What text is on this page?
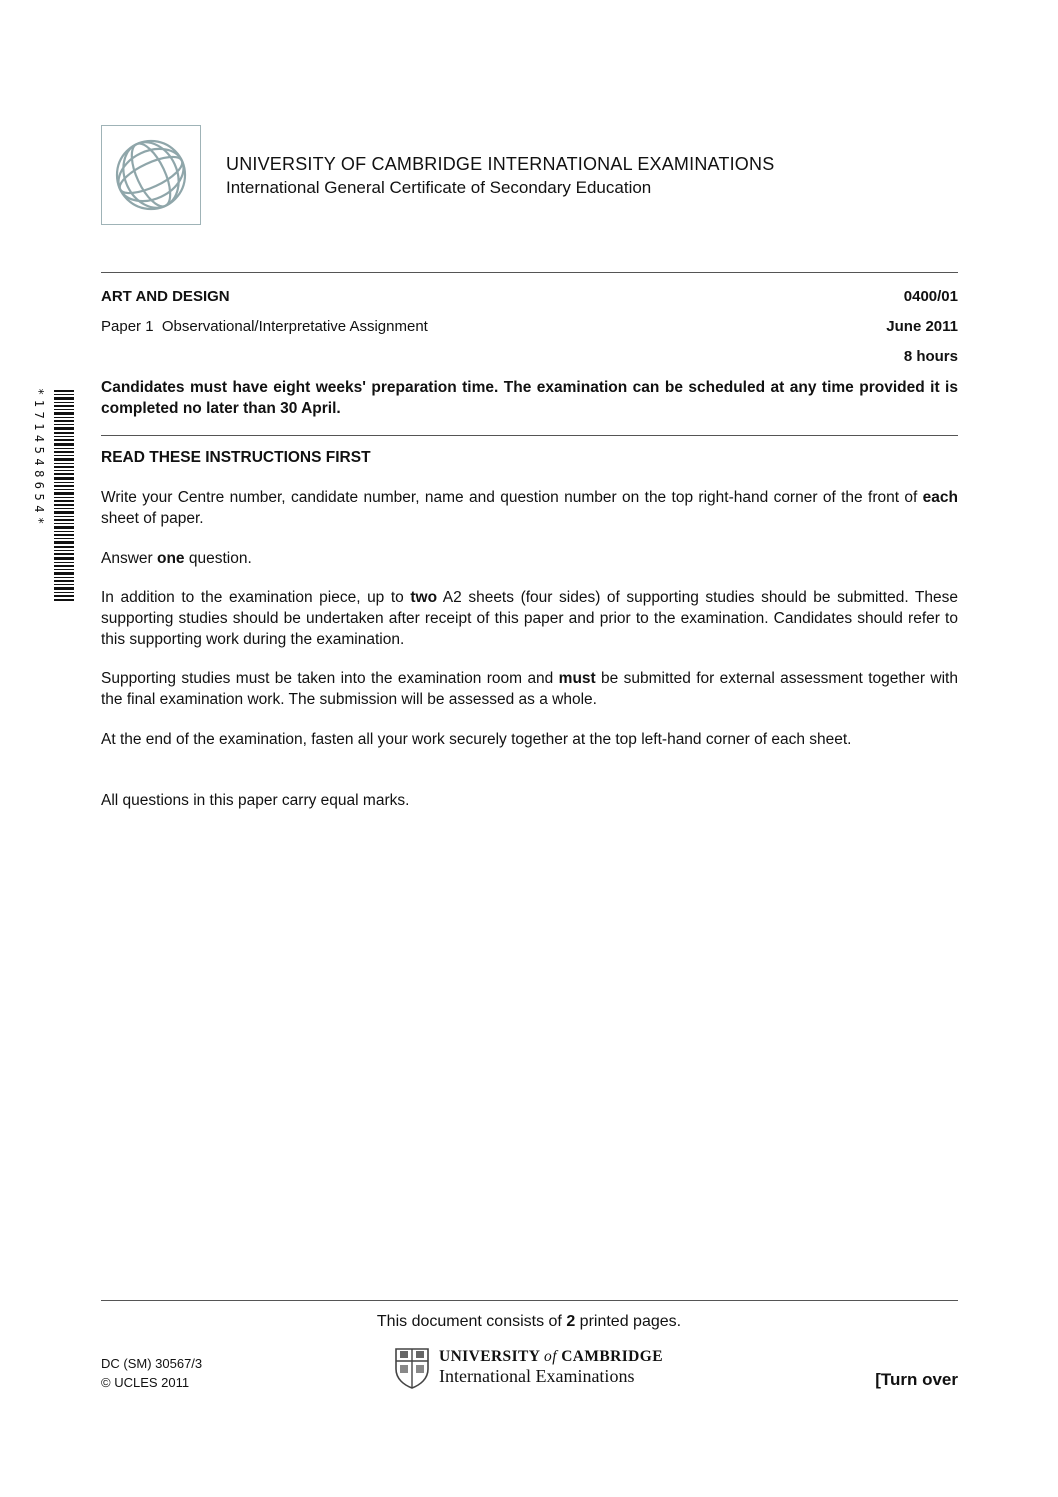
UNIVERSITY OF CAMBRIDGE INTERNATIONAL EXAMINATIONS
International General Certificate of Secondary Education
ART AND DESIGN	0400/01
Paper 1  Observational/Interpretative Assignment	June 2011
8 hours
Candidates must have eight weeks' preparation time. The examination can be scheduled at any time provided it is completed no later than 30 April.
*1714548654*	READ THESE INSTRUCTIONS FIRST

Write your Centre number, candidate number, name and question number on the top right-hand corner of the front of each sheet of paper.

Answer one question.

In addition to the examination piece, up to two A2 sheets (four sides) of supporting studies should be submitted. These supporting studies should be undertaken after receipt of this paper and prior to the examination. Candidates should refer to this supporting work during the examination.

Supporting studies must be taken into the examination room and must be submitted for external assessment together with the final examination work. The submission will be assessed as a whole.

At the end of the examination, fasten all your work securely together at the top left-hand corner of each sheet.

All questions in this paper carry equal marks.

This document consists of 2 printed pages.
DC (SM) 30567/3
© UCLES 2011
UNIVERSITY of CAMBRIDGE
International Examinations	[Turn over
